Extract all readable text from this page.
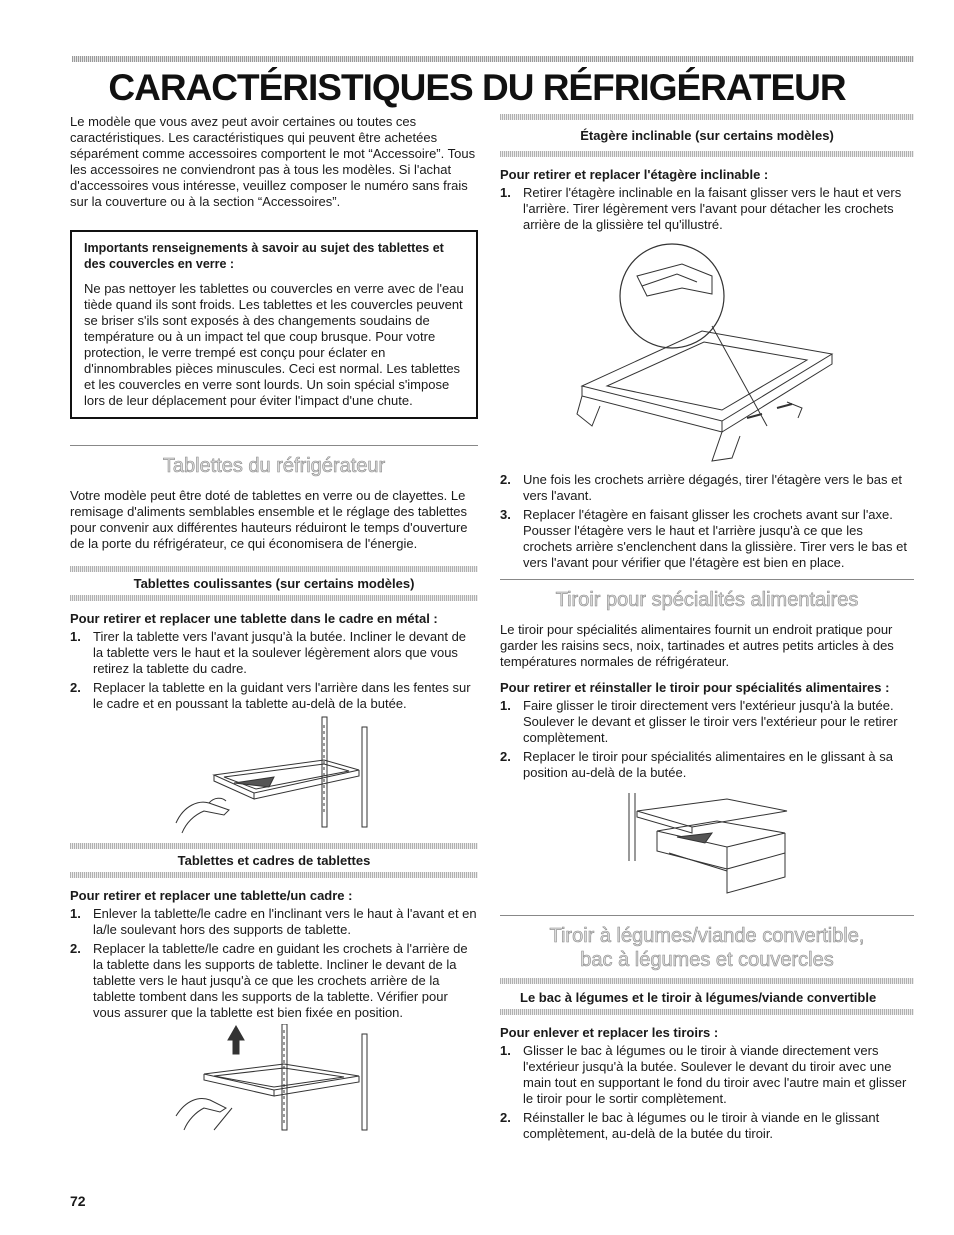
CARACTÉRISTIQUES DU RÉFRIGÉRATEUR

Le modèle que vous avez peut avoir certaines ou toutes ces caractéristiques. Les caractéristiques qui peuvent être achetées séparément comme accessoires comportent le mot “Accessoire”. Tous les accessoires ne conviendront pas à tous les modèles. Si l'achat d'accessoires vous intéresse, veuillez composer le numéro sans frais sur la couverture ou à la section “Accessoires”.

Importants renseignements à savoir au sujet des tablettes et des couvercles en verre :

Ne pas nettoyer les tablettes ou couvercles en verre avec de l'eau tiède quand ils sont froids. Les tablettes et les couvercles peuvent se briser s'ils sont exposés à des changements soudains de température ou à un impact tel que coup brusque. Pour votre protection, le verre trempé est conçu pour éclater en d'innombrables pièces minuscules. Ceci est normal. Les tablettes et les couvercles en verre sont lourds. Un soin spécial s'impose lors de leur déplacement pour éviter l'impact d'une chute.

Tablettes du réfrigérateur

Votre modèle peut être doté de tablettes en verre ou de clayettes. Le remisage d'aliments semblables ensemble et le réglage des tablettes pour convenir aux différentes hauteurs réduiront le temps d'ouverture de la porte du réfrigérateur, ce qui économisera de l'énergie.

Tablettes coulissantes (sur certains modèles)
Pour retirer et replacer une tablette dans le cadre en métal :
1. Tirer la tablette vers l'avant jusqu'à la butée. Incliner le devant de la tablette vers le haut et la soulever légèrement alors que vous retirez la tablette du cadre.
2. Replacer la tablette en la guidant vers l'arrière dans les fentes sur le cadre et en poussant la tablette au-delà de la butée.
Tablettes et cadres de tablettes
Pour retirer et replacer une tablette/un cadre :
1. Enlever la tablette/le cadre en l'inclinant vers le haut à l'avant et en la/le soulevant hors des supports de tablette.
2. Replacer la tablette/le cadre en guidant les crochets à l'arrière de la tablette dans les supports de tablette. Incliner le devant de la tablette vers le haut jusqu'à ce que les crochets arrière de la tablette tombent dans les supports de la tablette. Vérifier pour vous assurer que la tablette est bien fixée en position.
Étagère inclinable (sur certains modèles)
Pour retirer et replacer l'étagère inclinable :
1. Retirer l'étagère inclinable en la faisant glisser vers le haut et vers l'arrière. Tirer légèrement vers l'avant pour détacher les crochets arrière de la glissière tel qu'illustré.
2. Une fois les crochets arrière dégagés, tirer l'étagère vers le bas et vers l'avant.
3. Replacer l'étagère en faisant glisser les crochets avant sur l'axe. Pousser l'étagère vers le haut et l'arrière jusqu'à ce que les crochets arrière s'enclenchent dans la glissière. Tirer vers le bas et vers l'avant pour vérifier que l'étagère est bien en place.
Tiroir pour spécialités alimentaires

Le tiroir pour spécialités alimentaires fournit un endroit pratique pour garder les raisins secs, noix, tartinades et autres petits articles à des températures normales de réfrigérateur.

Pour retirer et réinstaller le tiroir pour spécialités alimentaires :
1. Faire glisser le tiroir directement vers l'extérieur jusqu'à la butée. Soulever le devant et glisser le tiroir vers l'extérieur pour le retirer complètement.
2. Replacer le tiroir pour spécialités alimentaires en le glissant à sa position au-delà de la butée.
Tiroir à légumes/viande convertible,
bac à légumes et couvercles
Le bac à légumes et le tiroir à légumes/viande convertible
Pour enlever et replacer les tiroirs :
1. Glisser le bac à légumes ou le tiroir à viande directement vers l'extérieur jusqu'à la butée. Soulever le devant du tiroir avec une main tout en supportant le fond du tiroir avec l'autre main et glisser le tiroir pour le sortir complètement.
2. Réinstaller le bac à légumes ou le tiroir à viande en le glissant complètement, au-delà de la butée du tiroir.
72
